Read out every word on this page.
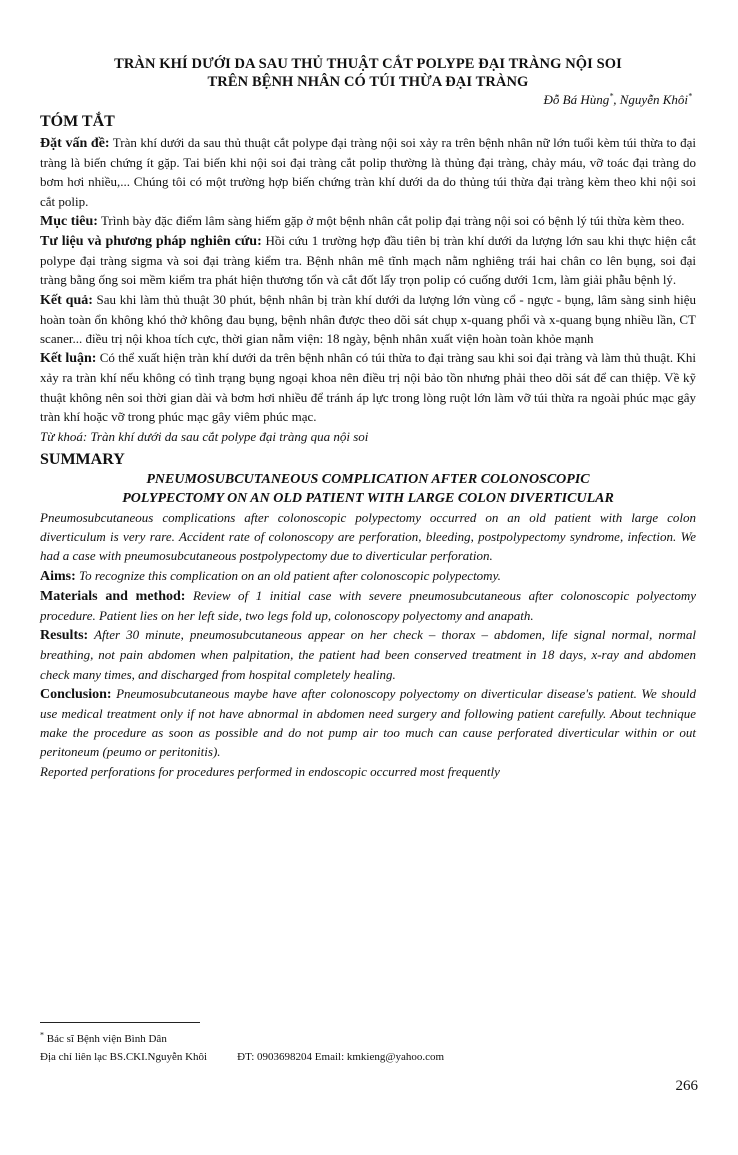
TRÀN KHÍ DƯỚI DA SAU THỦ THUẬT CẮT POLYPE ĐẠI TRÀNG NỘI SOI

TRÊN BỆNH NHÂN CÓ TÚI THỪA ĐẠI TRÀNG

Đỗ Bá Hùng*, Nguyễn Khôi*

TÓM TẮT

Đặt vấn đề: Tràn khí dưới da sau thủ thuật cắt polype đại tràng nội soi xảy ra trên bệnh nhân nữ lớn tuổi kèm túi thừa to đại tràng là biến chứng ít gặp. Tai biến khi nội soi đại tràng cắt polip thường là thủng đại tràng, chảy máu, vỡ toác đại tràng do bơm hơi nhiều,... Chúng tôi có một trường hợp biến chứng tràn khí dưới da do thủng túi thừa đại tràng kèm theo khi nội soi cắt polip.

Mục tiêu: Trình bày đặc điểm lâm sàng hiếm gặp ở một bệnh nhân cắt polip đại tràng nội soi có bệnh lý túi thừa kèm theo.

Tư liệu và phương pháp nghiên cứu: Hồi cứu 1 trường hợp đầu tiên bị tràn khí dưới da lượng lớn sau khi thực hiện cắt polype đại tràng sigma và soi đại tràng kiểm tra. Bệnh nhân mê tĩnh mạch nằm nghiêng trái hai chân co lên bụng, soi đại tràng bằng ống soi mềm kiểm tra phát hiện thương tổn và cắt đốt lấy trọn polip có cuống dưới 1cm, làm giải phẫu bệnh lý.

Kết quả: Sau khi làm thủ thuật 30 phút, bệnh nhân bị tràn khí dưới da lượng lớn vùng cổ - ngực - bụng, lâm sàng sinh hiệu hoàn toàn ổn không khó thở không đau bụng, bệnh nhân được theo dõi sát chụp x-quang phổi và x-quang bụng nhiều lần, CT scaner... điều trị nội khoa tích cực, thời gian nằm viện: 18 ngày, bệnh nhân xuất viện hoàn toàn khỏe mạnh

Kết luận: Có thể xuất hiện tràn khí dưới da trên bệnh nhân có túi thừa to đại tràng sau khi soi đại tràng và làm thủ thuật. Khi xảy ra tràn khí nếu không có tình trạng bụng ngoại khoa nên điều trị nội bảo tồn nhưng phải theo dõi sát để can thiệp. Về kỹ thuật không nên soi thời gian dài và bơm hơi nhiều để tránh áp lực trong lòng ruột lớn làm vỡ túi thừa ra ngoài phúc mạc gây tràn khí hoặc vỡ trong phúc mạc gây viêm phúc mạc.

Từ khoá: Tràn khí dưới da sau cắt polype đại tràng qua nội soi

SUMMARY

PNEUMOSUBCUTANEOUS COMPLICATION AFTER COLONOSCOPIC

POLYPECTOMY ON AN OLD PATIENT WITH LARGE COLON DIVERTICULAR

Pneumosubcutaneous complications after colonoscopic polypectomy occurred on an old patient with large colon diverticulum is very rare. Accident rate of colonoscopy are perforation, bleeding, postpolypectomy syndrome, infection. We had a case with pneumosubcutaneous postpolypectomy due to diverticular perforation.

Aims: To recognize this complication on an old patient after colonoscopic polypectomy.

Materials and method: Review of 1 initial case with severe pneumosubcutaneous after colonoscopic polyectomy procedure. Patient lies on her left side, two legs fold up, colonoscopy polyectomy and anapath.

Results: After 30 minute, pneumosubcutaneous appear on her check – thorax – abdomen, life signal normal, normal breathing, not pain abdomen when palpitation, the patient had been conserved treatment in 18 days, x-ray and abdomen check many times, and discharged from hospital completely healing.

Conclusion: Pneumosubcutaneous maybe have after colonoscopy polyectomy on diverticular disease's patient. We should use medical treatment only if not have abnormal in abdomen need surgery and following patient carefully. About technique make the procedure as soon as possible and do not pump air too much can cause perforated diverticular within or out peritoneum (peumo or peritonitis).

Reported perforations for procedures performed in endoscopic occurred most frequently

* Bác sĩ Bệnh viện Bình Dân
Địa chỉ liên lạc BS.CKI.Nguyễn Khôi	ĐT: 0903698204 Email: kmkieng@yahoo.com
266
